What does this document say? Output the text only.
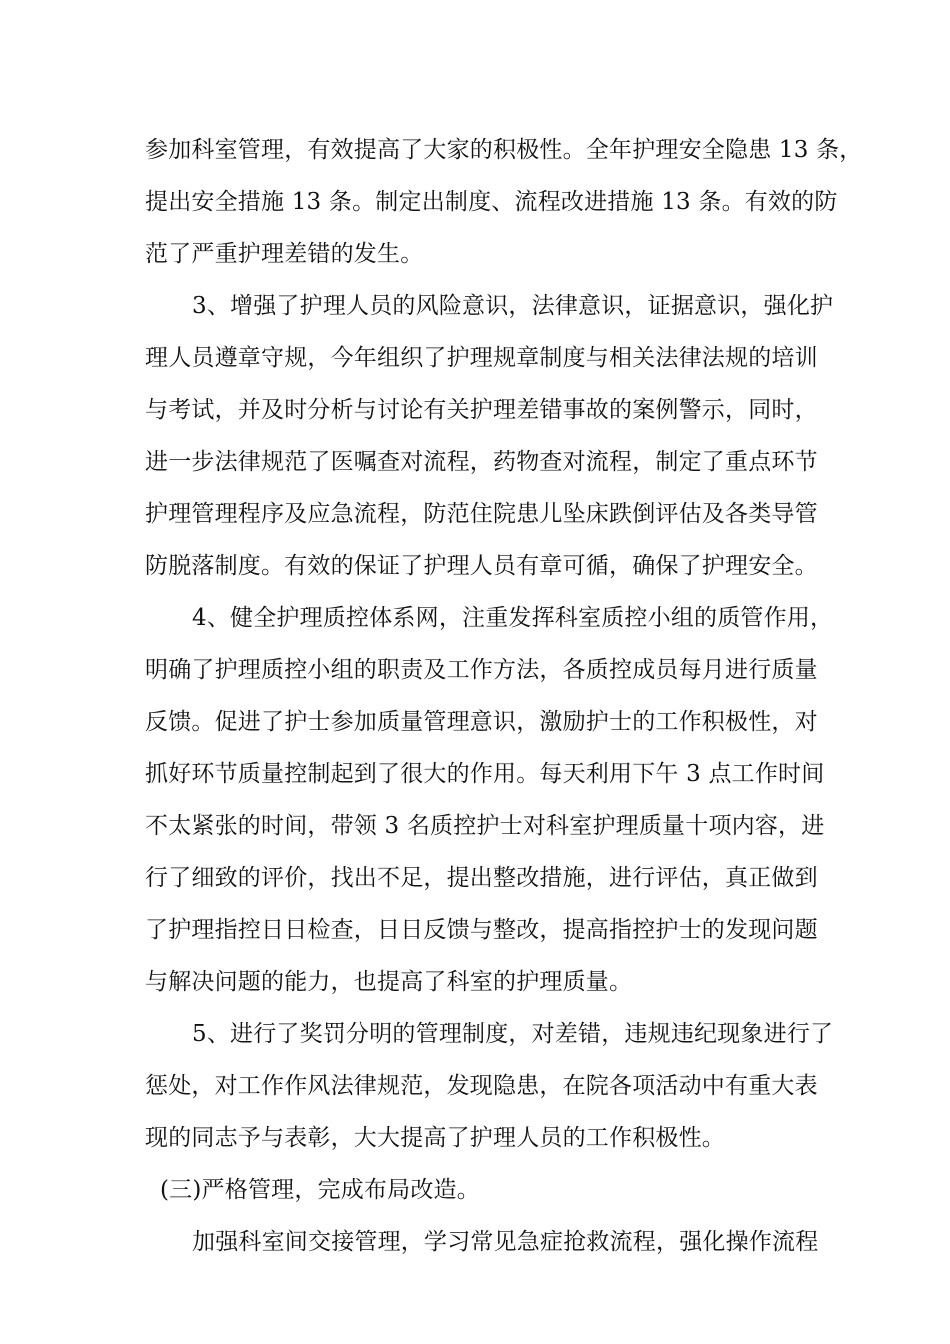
参加科室管理，有效提高了大家的积极性。全年护理安全隐患 13 条，
提出安全措施 13 条。制定出制度、流程改进措施 13 条。有效的防
范了严重护理差错的发生。
3、增强了护理人员的风险意识，法律意识，证据意识，强化护
理人员遵章守规，今年组织了护理规章制度与相关法律法规的培训
与考试，并及时分析与讨论有关护理差错事故的案例警示，同时，
进一步法律规范了医嘱查对流程，药物查对流程，制定了重点环节
护理管理程序及应急流程，防范住院患儿坠床跌倒评估及各类导管
防脱落制度。有效的保证了护理人员有章可循，确保了护理安全。
4、健全护理质控体系网，注重发挥科室质控小组的质管作用，
明确了护理质控小组的职责及工作方法，各质控成员每月进行质量
反馈。促进了护士参加质量管理意识，激励护士的工作积极性，对
抓好环节质量控制起到了很大的作用。每天利用下午 3 点工作时间
不太紧张的时间，带领 3 名质控护士对科室护理质量十项内容，进
行了细致的评价，找出不足，提出整改措施，进行评估，真正做到
了护理指控日日检查，日日反馈与整改，提高指控护士的发现问题
与解决问题的能力，也提高了科室的护理质量。
5、进行了奖罚分明的管理制度，对差错，违规违纪现象进行了
惩处，对工作作风法律规范，发现隐患，在院各项活动中有重大表
现的同志予与表彰，大大提高了护理人员的工作积极性。
(三)严格管理，完成布局改造。
加强科室间交接管理，学习常见急症抢救流程，强化操作流程
